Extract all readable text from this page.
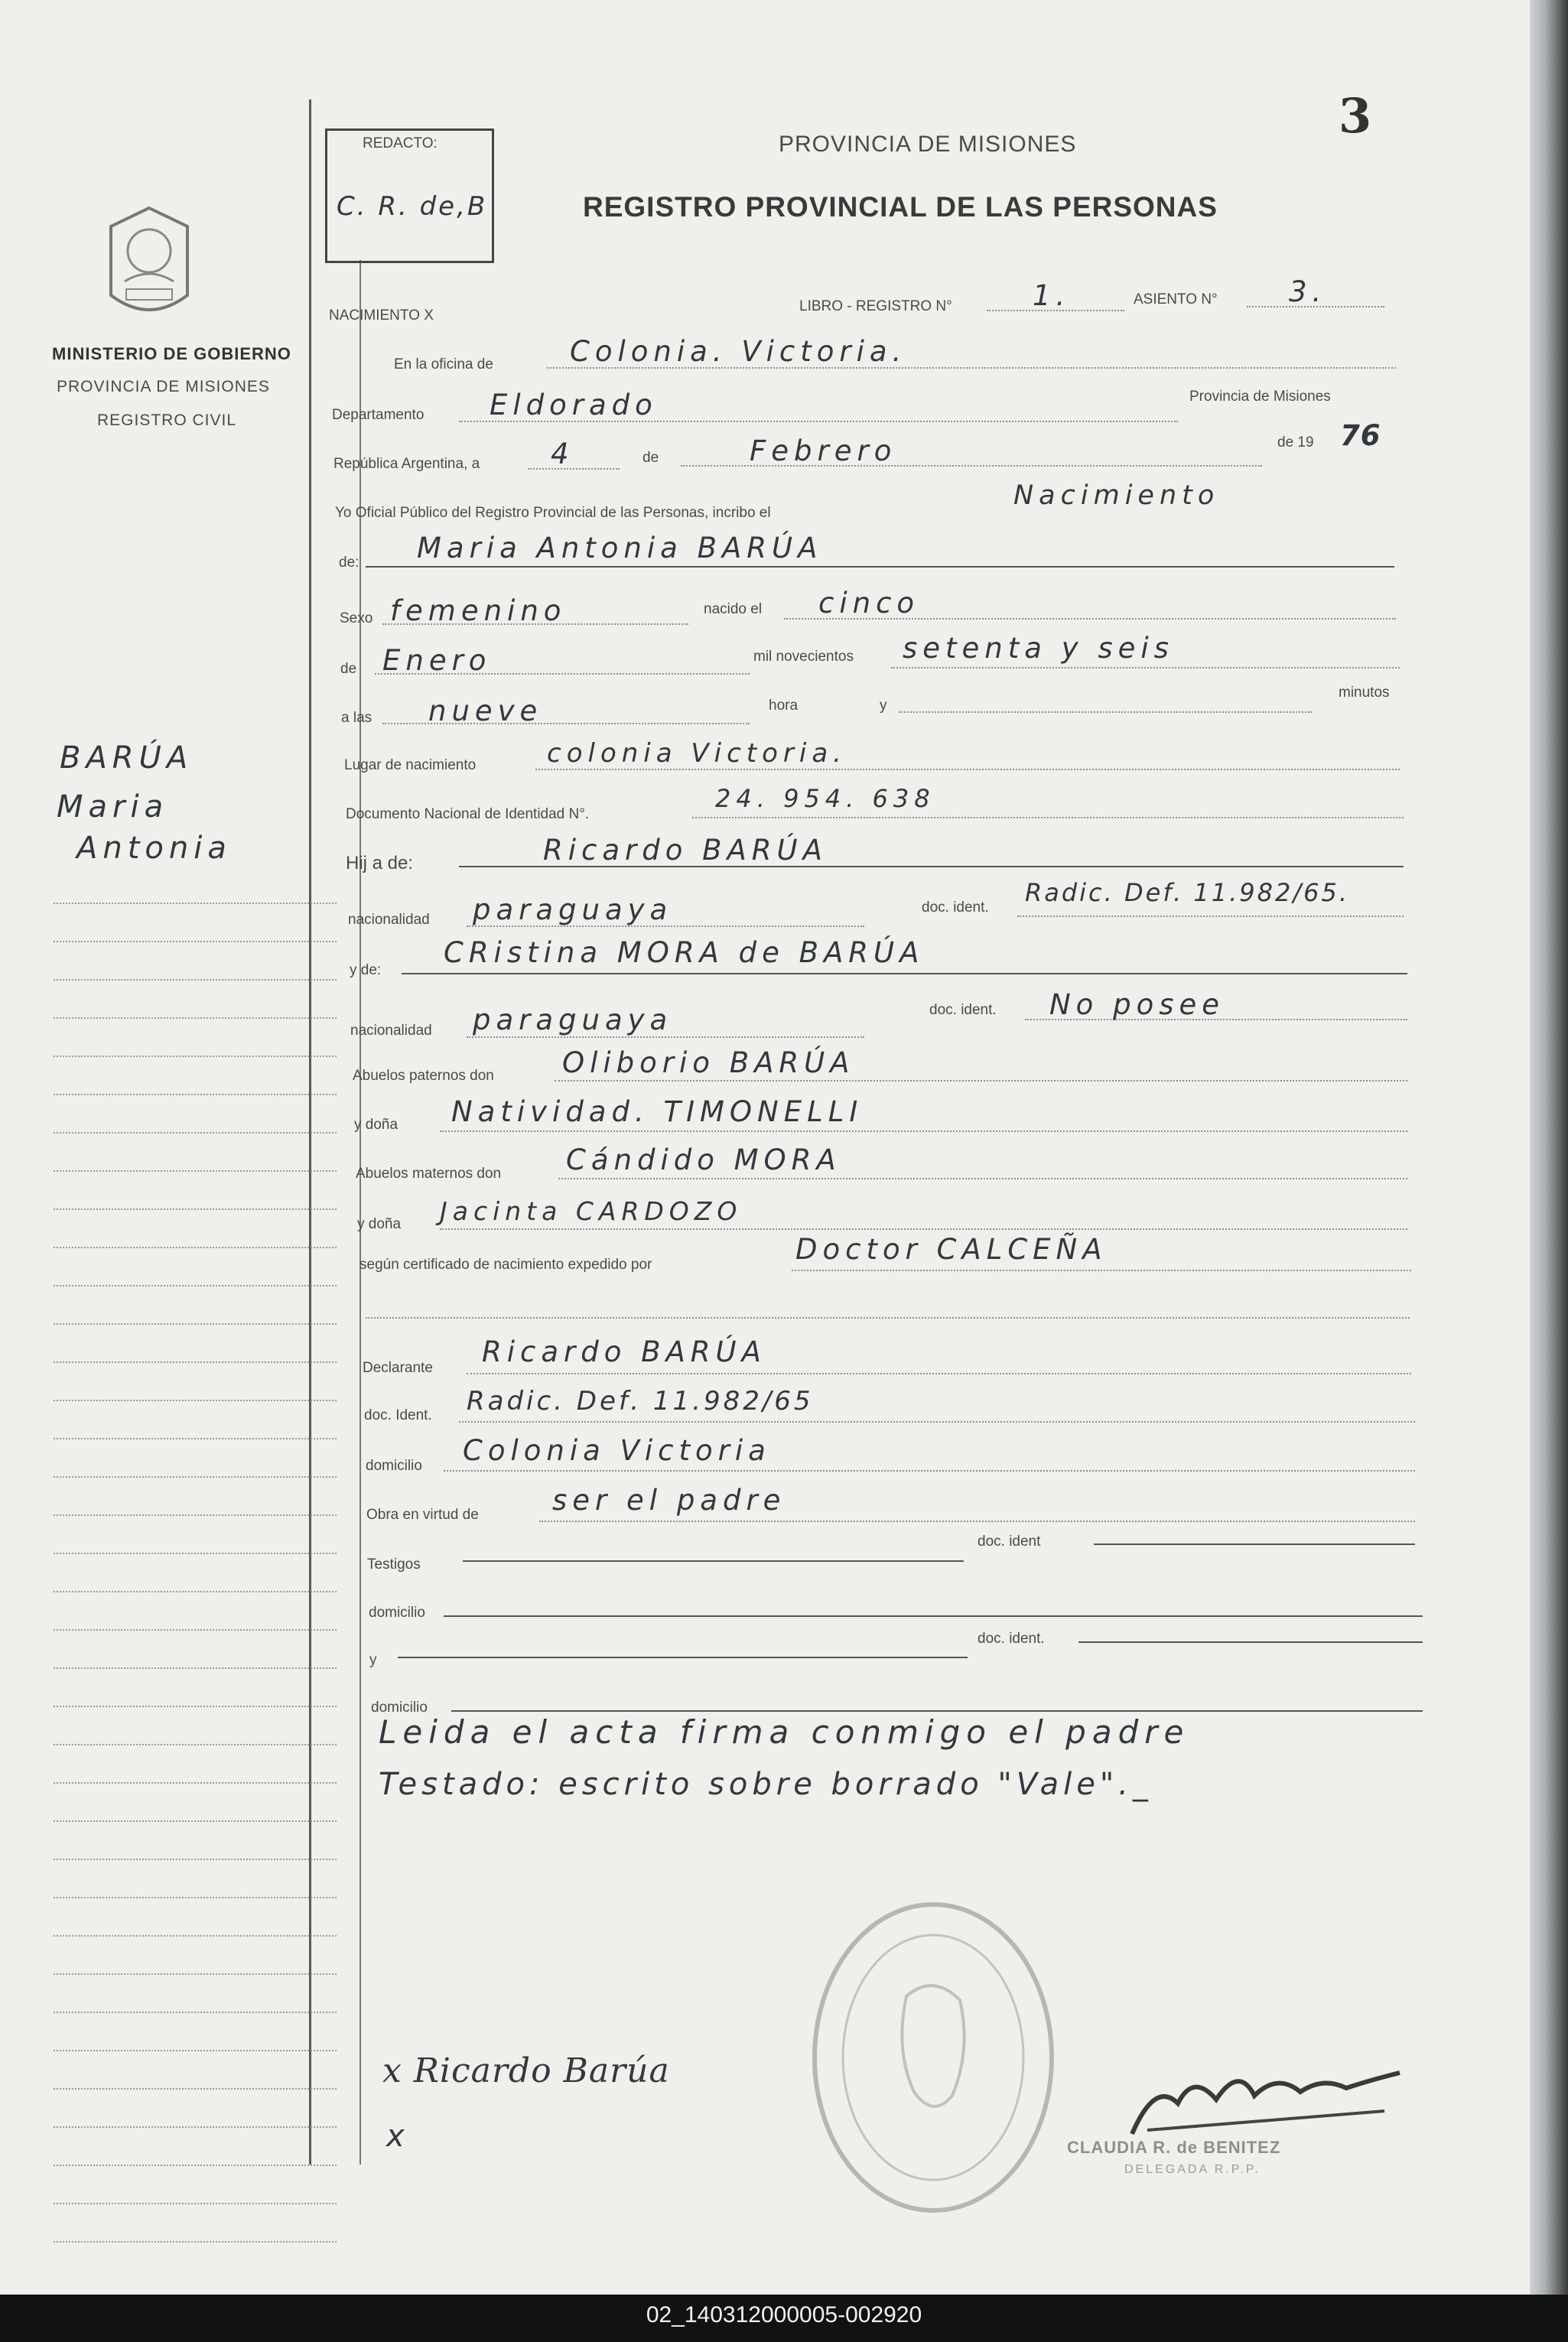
02_140312000005-002920
3
MINISTERIO DE GOBIERNO
PROVINCIA DE MISIONES
REGISTRO CIVIL
BARÚA
Maria
Antonia
REDACTO:
C. R. de,B
PROVINCIA DE MISIONES
REGISTRO PROVINCIAL DE LAS PERSONAS
NACIMIENTO X
LIBRO - REGISTRO N°	1.	ASIENTO N°	3.
En la oficina de	Colonia. Victoria.
Departamento Eldorado	Provincia de Misiones
República Argentina, a	4	de	Febrero	de 19 76
Yo Oficial Público del Registro Provincial de las Personas, incribo el
Nacimiento
de: Maria Antonia BARÚA
Sexo femenino	nacido el cinco
de Enero	mil novecientos setenta y seis
a las nueve	hora	y
minutos
Lugar de nacimiento	colonia Victoria.
Documento Nacional de Identidad N°.
24. 954. 638
Hij a de:	Ricardo BARÚA
nacionalidad paraguaya	doc. ident.
Radic. Def. 11.982/65.
y de:
CRistina MORA de BARÚA
nacionalidad paraguaya	doc. ident. No posee
Abuelos paternos don Oliborio BARÚA
y doña Natividad. TIMONELLI
Abuelos maternos don Cándido MORA
y doña Jacinta CARDOZO
según certificado de nacimiento expedido por	Doctor CALCEÑA
Declarante Ricardo BARÚA
doc. Ident. Radic. Def. 11.982/65
domicilio Colonia Victoria
Obra en virtud de	ser el padre
Testigos
doc. ident
domicilio
y
doc. ident.
domicilio
Leida el acta firma conmigo el padre
Testado: escrito sobre borrado "Vale"._
x Ricardo Barúa
x	CLAUDIA R. de BENITEZ
DELEGADA R.P.P.
